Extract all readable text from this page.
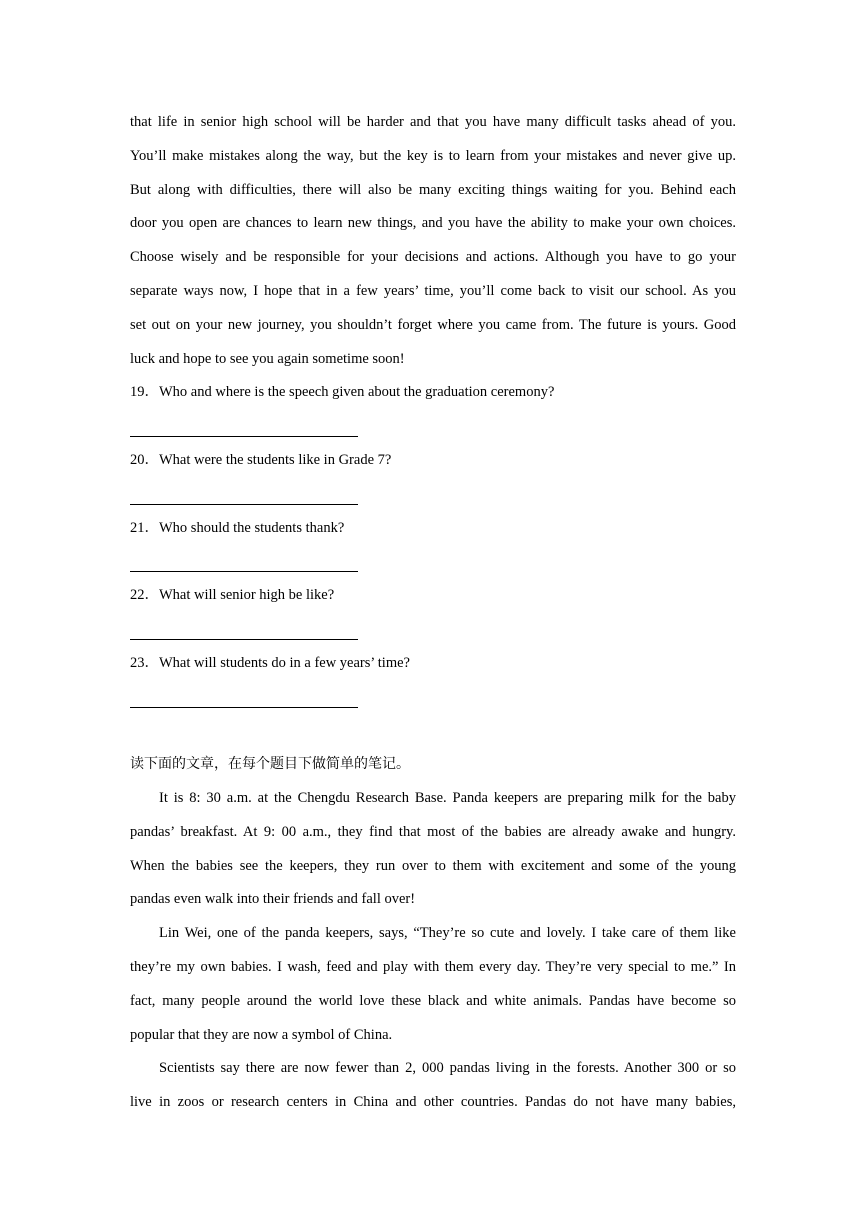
that life in senior high school will be harder and that you have many difficult tasks ahead of you.
You’ll make mistakes along the way, but the key is to learn from your mistakes and never give up.
But along with difficulties, there will also be many exciting things waiting for you. Behind each
door you open are chances to learn new things, and you have the ability to make your own choices.
Choose wisely and be responsible for your decisions and actions. Although you have to go your
separate ways now, I hope that in a few years’ time, you’ll come back to visit our school. As you
set out on your new journey, you shouldn’t forget where you came from. The future is yours. Good
luck and hope to see you again sometime soon!
19．Who and where is the speech given about the graduation ceremony?
20．What were the students like in Grade 7?
21．Who should the students thank?
22．What will senior high be like?
23．What will students do in a few years’ time?
读下面的文章，在每个题目下做简单的笔记。
It is 8: 30 a.m. at the Chengdu Research Base. Panda keepers are preparing milk for the baby
pandas’ breakfast. At 9: 00 a.m., they find that most of the babies are already awake and hungry.
When the babies see the keepers, they run over to them with excitement and some of the young
pandas even walk into their friends and fall over!
Lin Wei, one of the panda keepers, says, “They’re so cute and lovely. I take care of them like
they’re my own babies. I wash, feed and play with them every day. They’re very special to me.” In
fact, many people around the world love these black and white animals. Pandas have become so
popular that they are now a symbol of China.
Scientists say there are now fewer than 2, 000 pandas living in the forests. Another 300 or so
live in zoos or research centers in China and other countries. Pandas do not have many babies,
